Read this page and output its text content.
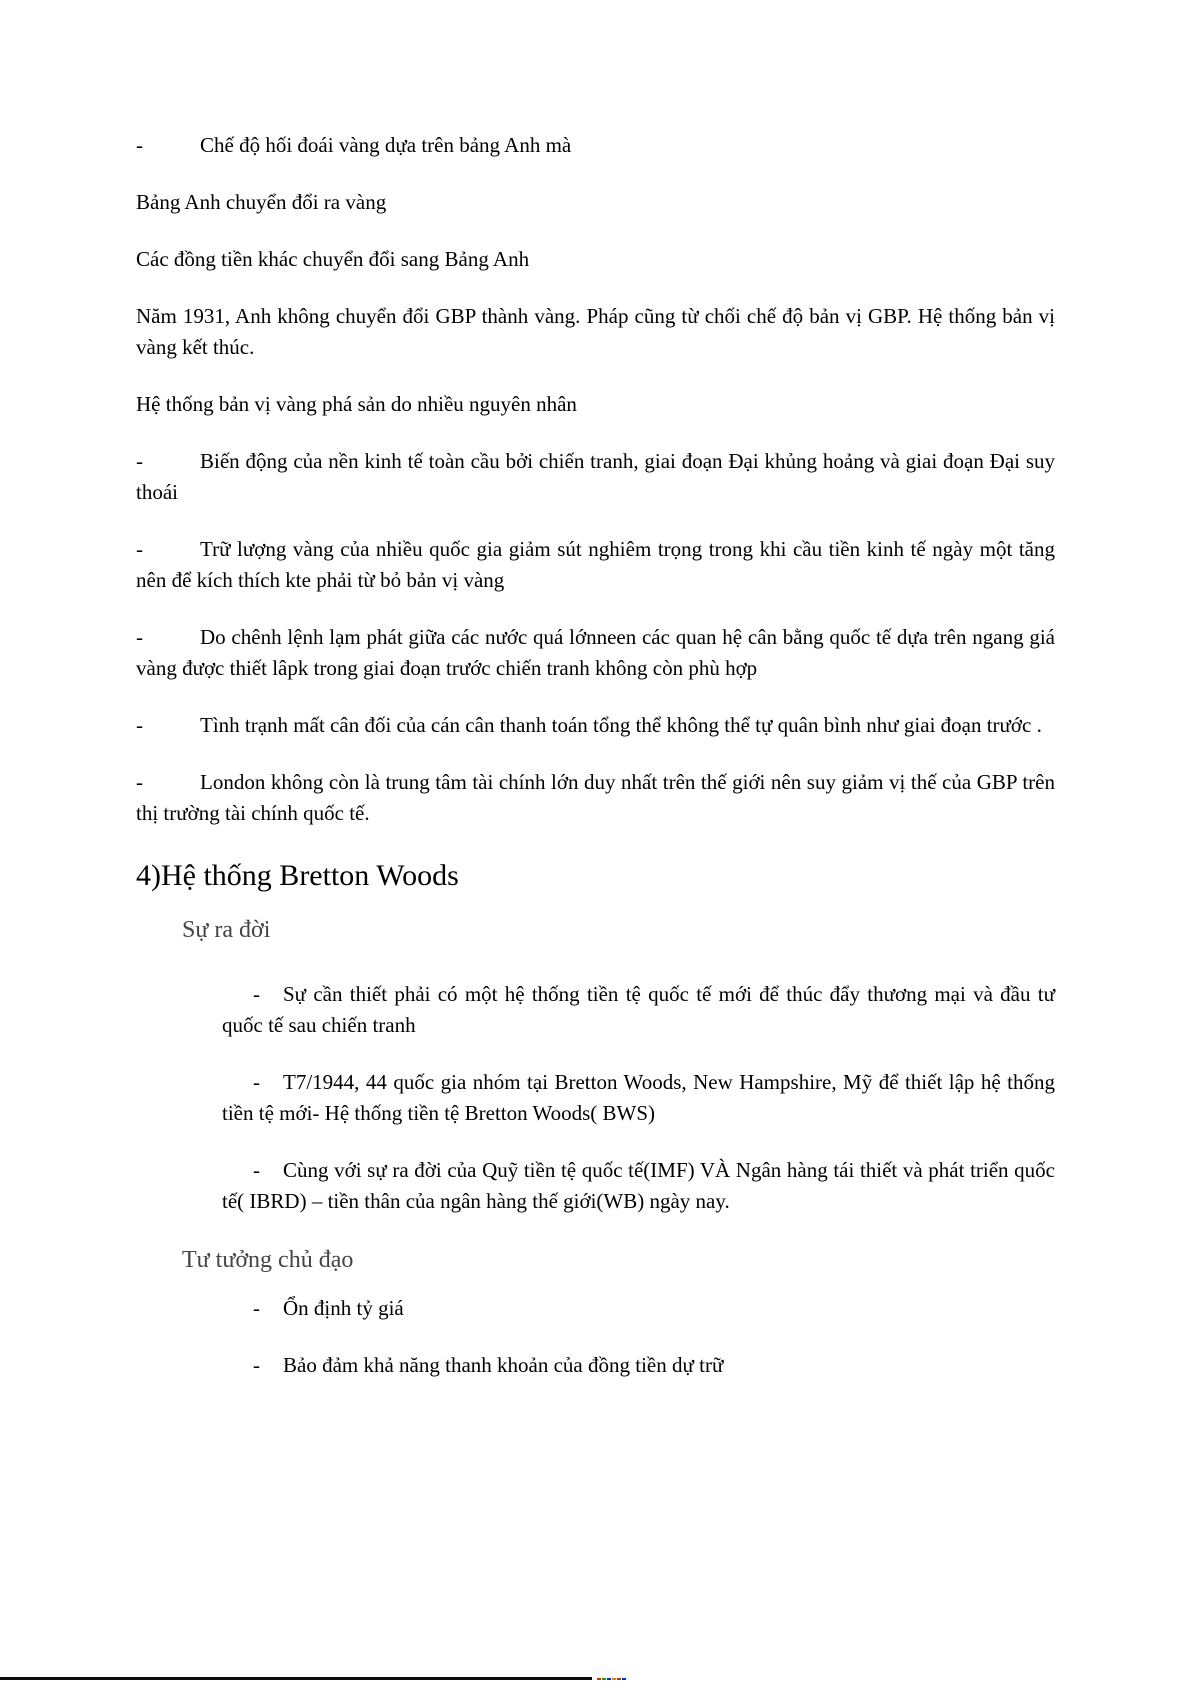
-	Chế độ hối đoái vàng dựa trên bảng Anh mà
Bảng Anh chuyển đổi ra vàng
Các đồng tiền khác chuyển đổi sang Bảng Anh
Năm 1931, Anh không chuyển đổi GBP thành vàng. Pháp cũng từ chối chế độ bản vị GBP. Hệ thống bản vị vàng kết thúc.
Hệ thống bản vị vàng phá sản do nhiều nguyên nhân
-	Biến động của nền kinh tế toàn cầu bởi chiến tranh, giai đoạn Đại khủng hoảng và giai đoạn Đại suy thoái
-	Trữ lượng vàng của nhiều quốc gia giảm sút nghiêm trọng trong khi cầu tiền kinh tế ngày một tăng nên để kích thích kte phải từ bỏ bản vị vàng
-	Do chênh lệnh lạm phát giữa các nước quá lớnneen các quan hệ cân bằng quốc tế dựa trên ngang giá vàng được thiết lâpk trong giai đoạn trước chiến tranh không còn phù hợp
-	Tình trạnh mất cân đối của cán cân thanh toán tổng thể không thể tự quân bình như giai đoạn trước .
-	London không còn là trung tâm tài chính lớn duy nhất trên thế giới nên suy giảm vị thế của GBP trên thị trường tài chính quốc tế.
4)Hệ thống Bretton Woods
Sự ra đời
- Sự cần thiết phải có một hệ thống tiền tệ quốc tế mới để thúc đẩy thương mại và đầu tư quốc tế sau chiến tranh
- T7/1944, 44 quốc gia nhóm tại Bretton Woods, New Hampshire, Mỹ để thiết lập hệ thống tiền tệ mới- Hệ thống tiền tệ Bretton Woods( BWS)
- Cùng với sự ra đời của Quỹ tiền tệ quốc tế(IMF) VÀ Ngân hàng tái thiết và phát triển quốc tế( IBRD) – tiền thân của ngân hàng thế giới(WB) ngày nay.
Tư tưởng chủ đạo
- Ổn định tỷ giá
- Bảo đảm khả năng thanh khoản của đồng tiền dự trữ
